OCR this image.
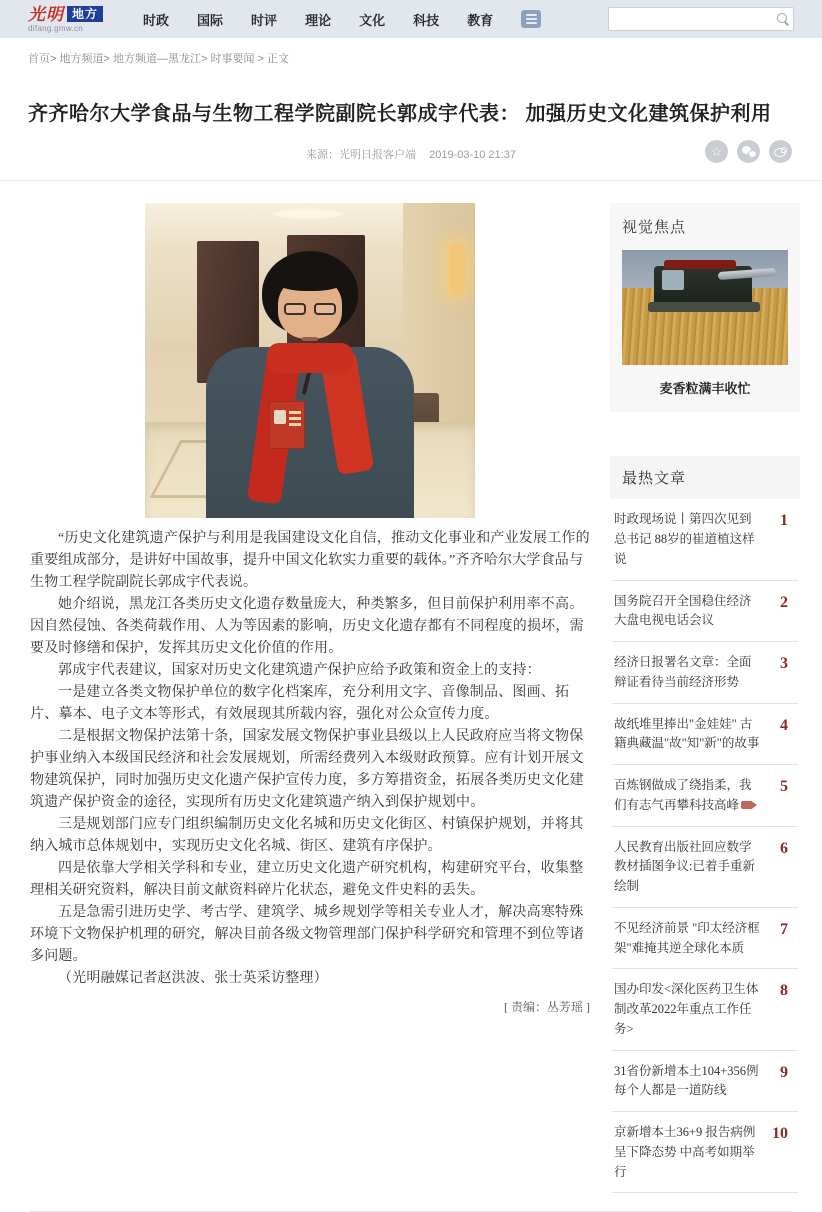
光明 地方
difang.gmw.cn
时政 国际 时评 理论 文化 科技 教育
首页> 地方频道> 地方频道—黑龙江> 时事要闻 > 正文
齐齐哈尔大学食品与生物工程学院副院长郭成宇代表： 加强历史文化建筑保护利用
来源：光明日报客户端 2019-03-10 21:37	☆

“历史文化建筑遗产保护与利用是我国建设文化自信，推动文化事业和产业发展工作的重要组成部分，是讲好中国故事，提升中国文化软实力重要的载体。”齐齐哈尔大学食品与生物工程学院副院长郭成宇代表说。

她介绍说，黑龙江各类历史文化遗存数量庞大，种类繁多，但目前保护利用率不高。因自然侵蚀、各类荷载作用、人为等因素的影响，历史文化遗存都有不同程度的损坏，需要及时修缮和保护，发挥其历史文化价值的作用。

郭成宇代表建议，国家对历史文化建筑遗产保护应给予政策和资金上的支持：

一是建立各类文物保护单位的数字化档案库，充分利用文字、音像制品、图画、拓片、摹本、电子文本等形式，有效展现其所载内容，强化对公众宣传力度。

二是根据文物保护法第十条，国家发展文物保护事业县级以上人民政府应当将文物保护事业纳入本级国民经济和社会发展规划，所需经费列入本级财政预算。应有计划开展文物建筑保护，同时加强历史文化遗产保护宣传力度，多方筹措资金，拓展各类历史文化建筑遗产保护资金的途径，实现所有历史文化建筑遗产纳入到保护规划中。

三是规划部门应专门组织编制历史文化名城和历史文化街区、村镇保护规划，并将其纳入城市总体规划中，实现历史文化名城、街区、建筑有序保护。

四是依靠大学相关学科和专业，建立历史文化遗产研究机构，构建研究平台，收集整理相关研究资料，解决目前文献资料碎片化状态，避免文件史料的丢失。

五是急需引进历史学、考古学、建筑学、城乡规划学等相关专业人才，解决高寒特殊环境下文物保护机理的研究，解决目前各级文物管理部门保护科学研究和管理不到位等诸多问题。

（光明融媒记者赵洪波、张士英采访整理）

[ 责编：丛芳瑶 ]
视觉焦点
麦香粒满丰收忙
最热文章
时政现场说丨第四次见到总书记 88岁的崔道植这样说
1
国务院召开全国稳住经济大盘电视电话会议
2
经济日报署名文章：全面辩证看待当前经济形势
3
故纸堆里捧出"金娃娃" 古籍典藏温"故"知"新"的故事
4
百炼钢做成了绕指柔，我们有志气再攀科技高峰
5
人民教育出版社回应数学教材插图争议:已着手重新绘制
6
不见经济前景 "印太经济框架"难掩其逆全球化本质
7
国办印发<深化医药卫生体制改革2022年重点工作任务>
8
31省份新增本土104+356例 每个人都是一道防线
9
京新增本土36+9 报告病例呈下降态势 中高考如期举行
10
